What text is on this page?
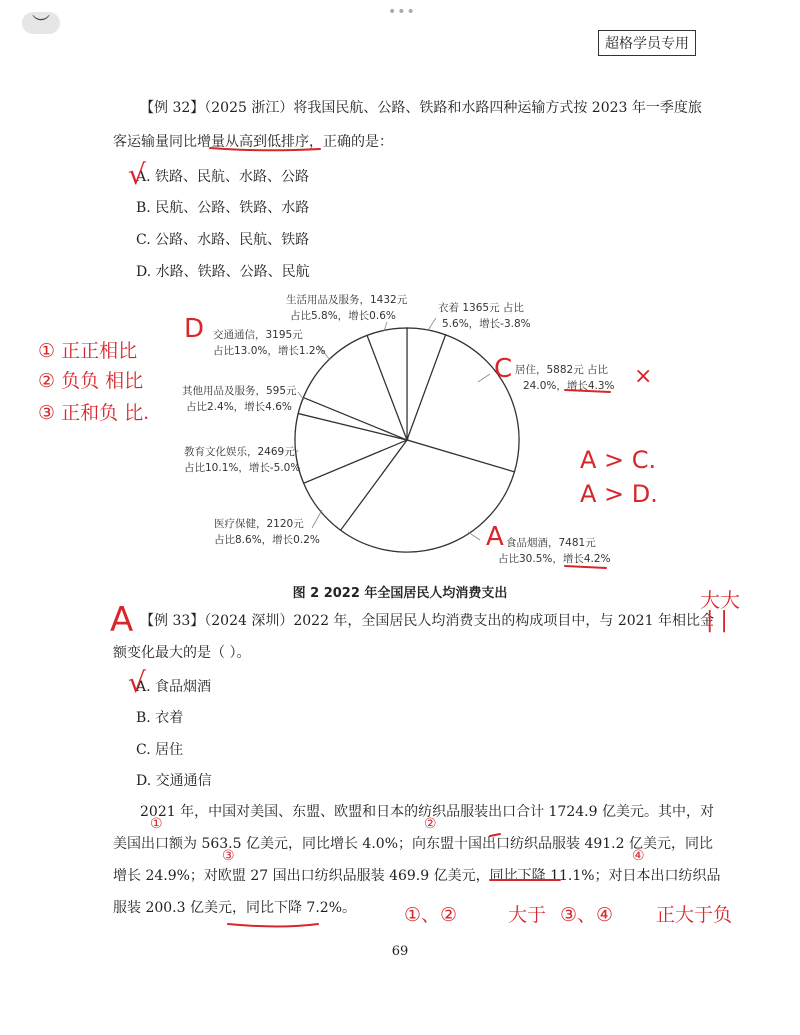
︶
•••
超格学员专用
【例 32】（2025 浙江）将我国民航、公路、铁路和水路四种运输方式按 2023 年一季度旅
客运输量同比增量从高到低排序，正确的是：
A. 铁路、民航、水路、公路
B. 民航、公路、铁路、水路
C. 公路、水路、民航、铁路
D. 水路、铁路、公路、民航
生活用品及服务，1432元
占比5.8%，增长0.6%
衣着 1365元 占比
5.6%，增长-3.8%
交通通信，3195元
占比13.0%，增长1.2%
居住，5882元 占比
24.0%，增长4.3%
其他用品及服务，595元
占比2.4%，增长4.6%
教育文化娱乐，2469元
占比10.1%，增长-5.0%
医疗保健，2120元
占比8.6%，增长0.2%	食品烟酒，7481元
占比30.5%，增长4.2%
图 2 2022 年全国居民人均消费支出
【例 33】（2024 深圳）2022 年，全国居民人均消费支出的构成项目中，与 2021 年相比金
额变化最大的是（ ）。
A. 食品烟酒
B. 衣着
C. 居住
D. 交通通信
2021 年，中国对美国、东盟、欧盟和日本的纺织品服装出口合计 1724.9 亿美元。其中，对
美国出口额为 563.5 亿美元，同比增长 4.0%；向东盟十国出口纺织品服装 491.2 亿美元，同比
增长 24.9%；对欧盟 27 国出口纺织品服装 469.9 亿美元，同比下降 11.1%；对日本出口纺织品
服装 200.3 亿美元，同比下降 7.2%。
69
√
√
① 正正相比
② 负负 相比
③ 正和负 比.
D
C	×
A
A > C.
A > D.
A	大大
| |
①	②
③	④
①、②	大于 ③、④ 正大于负
